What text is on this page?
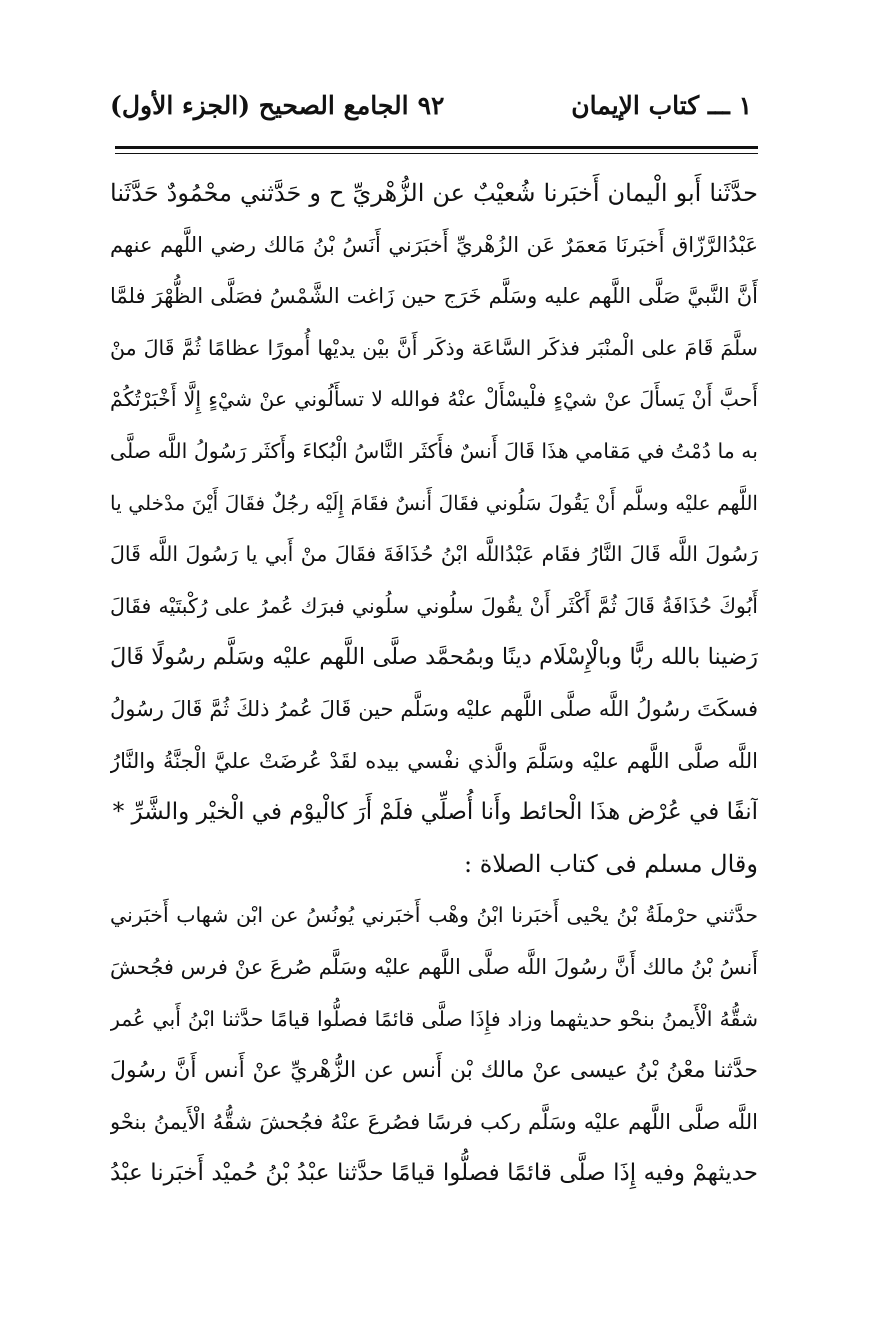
١ ـــ كتاب الإيمان
٩٢
الجامع الصحيح (الجزء الأول)
حدَّثَنا أَبو الْيمان أَخبَرنا شُعيْبٌ عن الزُّهْريِّ ح و حَدَّثني محْمُودٌ حَدَّثَنا
عَبْدُالرَّزّاق أَخبَرنَا مَعمَرٌ عَن الزُهْريِّ أَخبَرَني أَنَسُ بْنُ مَالك رضي اللَّهم عنهم
أَنَّ النَّبيَّ صَلَّى اللَّهم عليه وسَلَّم خَرَج حين زَاغت الشَّمْسُ فصَلَّى الظُّهْرَ فلمَّا
سلَّمَ قَامَ على الْمنْبَر فذكَر السَّاعَة وذكَر أَنَّ بيْن يديْها أُمورًا عظامًا ثُمَّ قَالَ منْ
أَحبَّ أَنْ يَسأَلَ عنْ شيْءٍ فلْيسْأَلْ عنْهُ فوالله لا تسأَلُوني عنْ شيْءٍ إِلَّا أَخْبَرْتُكُمْ
به ما دُمْتُ في مَقامي هذَا قَالَ أَنسٌ فأَكثَر النَّاسُ الْبُكاءَ وأَكثَر رَسُولُ اللَّه صلَّى
اللَّهم عليْه وسلَّم أَنْ يَقُولَ سَلُوني فقَالَ أَنسٌ فقَامَ إِلَيْه رجُلٌ فقَالَ أَيْنَ مدْخلي يا
رَسُولَ اللَّه قَالَ النَّارُ فقَام عَبْدُاللَّه ابْنُ حُذَافَةَ فقَالَ منْ أَبي يا رَسُولَ اللَّه قَالَ
أَبُوكَ حُذَافَةُ قَالَ ثُمَّ أَكْثَر أَنْ يقُولَ سلُوني سلُوني فبرَك عُمرُ على رُكْبتَيْه فقَالَ
رَضينا بالله ربًّا وبالْإِسْلَام دينًا وبمُحمَّد صلَّى اللَّهم عليْه وسَلَّم رسُولًا قَالَ
فسكَتَ رسُولُ اللَّه صلَّى اللَّهم عليْه وسَلَّم حين قَالَ عُمرُ ذلكَ ثُمَّ قَالَ رسُولُ
اللَّه صلَّى اللَّهم عليْه وسَلَّمَ والَّذي نفْسي بيده لقَدْ عُرضَتْ عليَّ الْجنَّةُ والنَّارُ
آنفًا في عُرْض هذَا الْحائط وأَنا أُصلِّي فلَمْ أَرَ كالْيوْم في الْخيْر والشَّرِّ *
وقال مسلم فى كتاب الصلاة :
حدَّثني حرْملَةُ بْنُ يحْيى أَخبَرنا ابْنُ وهْب أَخبَرني يُونُسُ عن ابْن شهاب أَخبَرني
أَنسُ بْنُ مالك أَنَّ رسُولَ اللَّه صلَّى اللَّهم عليْه وسَلَّم صُرعَ عنْ فرس فجُحشَ
شقُّهُ الْأَيمنُ بنحْو حديثهما وزاد فإِذَا صلَّى قائمًا فصلُّوا قيامًا حدَّثنا ابْنُ أَبي عُمر
حدَّثنا معْنُ بْنُ عيسى عنْ مالك بْن أَنس عن الزُّهْريِّ عنْ أَنس أَنَّ رسُولَ
اللَّه صلَّى اللَّهم عليْه وسَلَّم ركب فرسًا فصُرعَ عنْهُ فجُحشَ شقُّهُ الْأَيمنُ بنحْو
حديثهمْ وفيه إِذَا صلَّى قائمًا فصلُّوا قيامًا حدَّثنا عبْدُ بْنُ حُميْد أَخبَرنا عبْدُ
